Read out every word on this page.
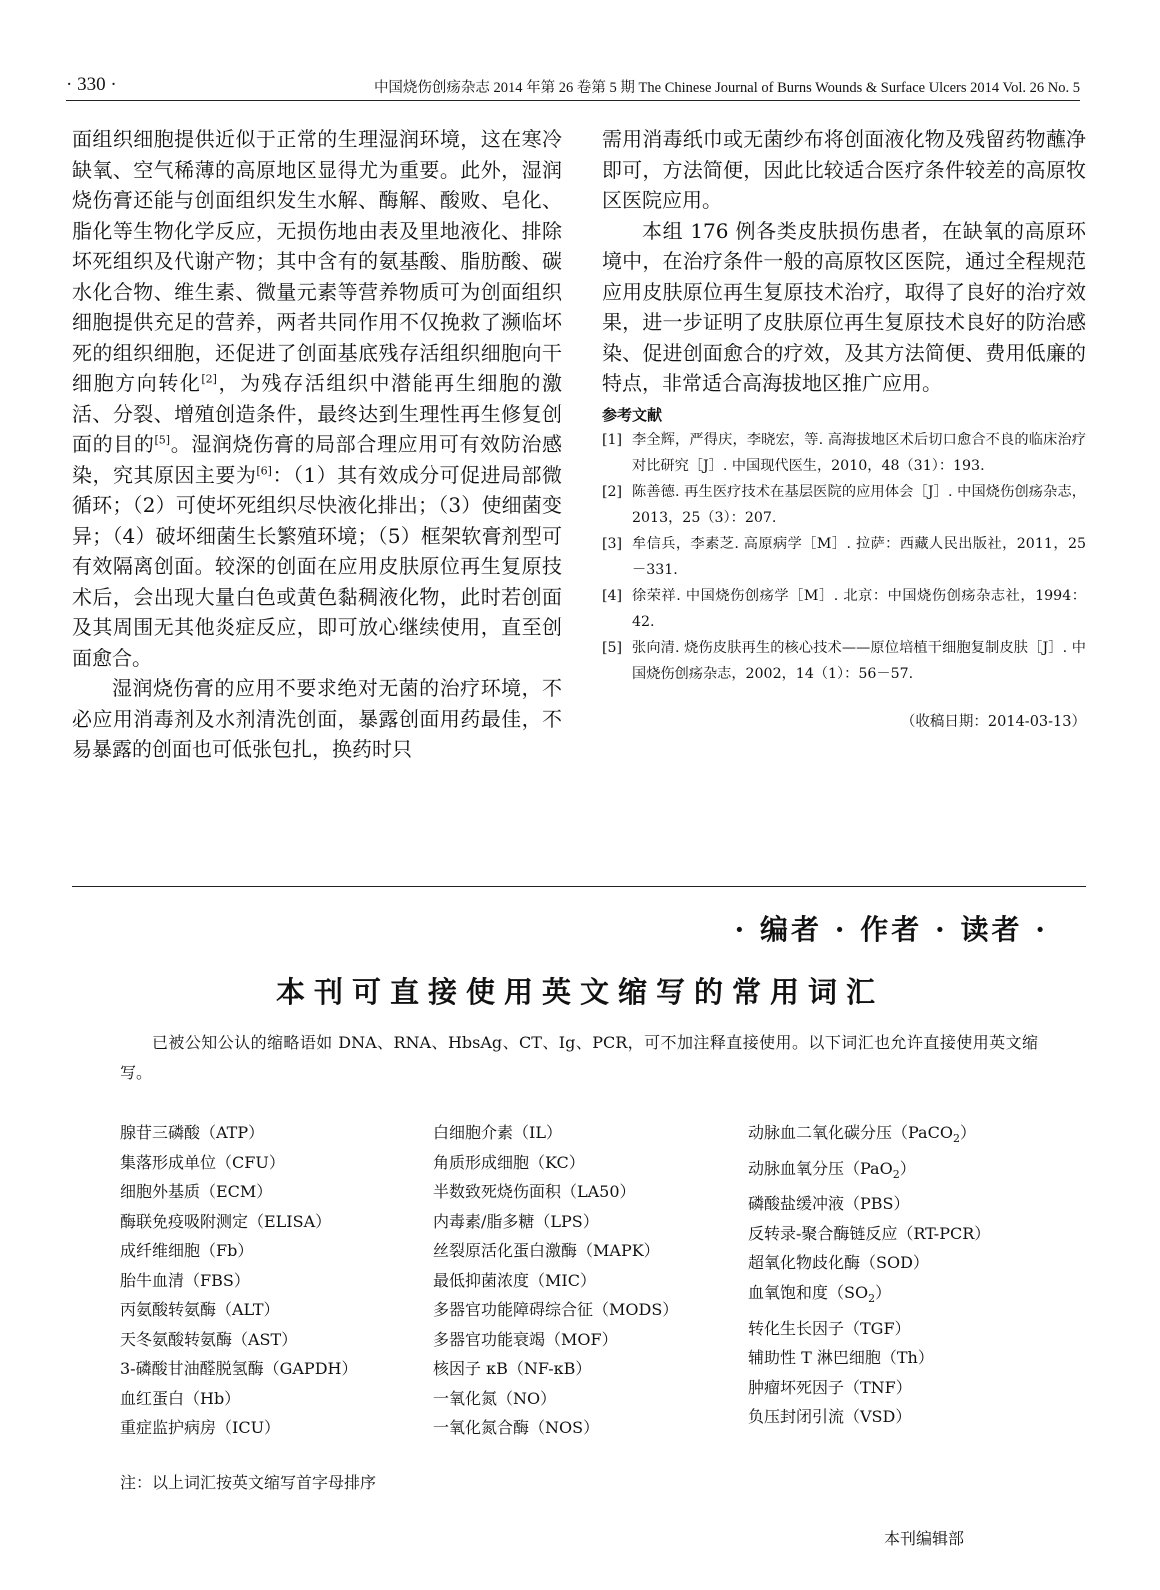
· 330 ·	中国烧伤创疡杂志 2014 年第 26 卷第 5 期 The Chinese Journal of Burns Wounds & Surface Ulcers 2014 Vol. 26 No. 5

面组织细胞提供近似于正常的生理湿润环境，这在寒冷缺氧、空气稀薄的高原地区显得尤为重要。此外，湿润烧伤膏还能与创面组织发生水解、酶解、酸败、皂化、脂化等生物化学反应，无损伤地由表及里地液化、排除坏死组织及代谢产物；其中含有的氨基酸、脂肪酸、碳水化合物、维生素、微量元素等营养物质可为创面组织细胞提供充足的营养，两者共同作用不仅挽救了濒临坏死的组织细胞，还促进了创面基底残存活组织细胞向干细胞方向转化[2]，为残存活组织中潜能再生细胞的激活、分裂、增殖创造条件，最终达到生理性再生修复创面的目的[5]。湿润烧伤膏的局部合理应用可有效防治感染，究其原因主要为[6]：（1）其有效成分可促进局部微循环；（2）可使坏死组织尽快液化排出；（3）使细菌变异；（4）破坏细菌生长繁殖环境；（5）框架软膏剂型可有效隔离创面。较深的创面在应用皮肤原位再生复原技术后，会出现大量白色或黄色黏稠液化物，此时若创面及其周围无其他炎症反应，即可放心继续使用，直至创面愈合。

湿润烧伤膏的应用不要求绝对无菌的治疗环境，不必应用消毒剂及水剂清洗创面，暴露创面用药最佳，不易暴露的创面也可低张包扎，换药时只

需用消毒纸巾或无菌纱布将创面液化物及残留药物蘸净即可，方法简便，因此比较适合医疗条件较差的高原牧区医院应用。

本组 176 例各类皮肤损伤患者，在缺氧的高原环境中，在治疗条件一般的高原牧区医院，通过全程规范应用皮肤原位再生复原技术治疗，取得了良好的治疗效果，进一步证明了皮肤原位再生复原技术良好的防治感染、促进创面愈合的疗效，及其方法简便、费用低廉的特点，非常适合高海拔地区推广应用。

参考文献
[1] 李全辉，严得庆，李晓宏，等. 高海拔地区术后切口愈合不良的临床治疗对比研究［J］. 中国现代医生，2010，48（31）：193.
[2] 陈善德. 再生医疗技术在基层医院的应用体会［J］. 中国烧伤创疡杂志，2013，25（3）：207.
[3] 牟信兵，李素芝. 高原病学［M］. 拉萨：西藏人民出版社，2011，25－331.
[4] 徐荣祥. 中国烧伤创疡学［M］. 北京：中国烧伤创疡杂志社，1994：42.
[5] 张向清. 烧伤皮肤再生的核心技术——原位培植干细胞复制皮肤［J］. 中国烧伤创疡杂志，2002，14（1）：56－57.
（收稿日期：2014-03-13）
· 编者 · 作者 · 读者 ·
本刊可直接使用英文缩写的常用词汇
已被公知公认的缩略语如 DNA、RNA、HbsAg、CT、Ig、PCR，可不加注释直接使用。以下词汇也允许直接使用英文缩写。
腺苷三磷酸（ATP）
集落形成单位（CFU）
细胞外基质（ECM）
酶联免疫吸附测定（ELISA）
成纤维细胞（Fb）
胎牛血清（FBS）
丙氨酸转氨酶（ALT）
天冬氨酸转氨酶（AST）
3-磷酸甘油醛脱氢酶（GAPDH）
血红蛋白（Hb）
重症监护病房（ICU）
白细胞介素（IL）
角质形成细胞（KC）
半数致死烧伤面积（LA50）
内毒素/脂多糖（LPS）
丝裂原活化蛋白激酶（MAPK）
最低抑菌浓度（MIC）
多器官功能障碍综合征（MODS）
多器官功能衰竭（MOF）
核因子 κB（NF-κB）
一氧化氮（NO）
一氧化氮合酶（NOS）
动脉血二氧化碳分压（PaCO$_2$）
动脉血氧分压（PaO$_2$）
磷酸盐缓冲液（PBS）
反转录-聚合酶链反应（RT-PCR）
超氧化物歧化酶（SOD）
血氧饱和度$(SO_2)$
转化生长因子（TGF）
辅助性 T 淋巴细胞（Th）
肿瘤坏死因子（TNF）
负压封闭引流（VSD）
注：以上词汇按英文缩写首字母排序
本刊编辑部
